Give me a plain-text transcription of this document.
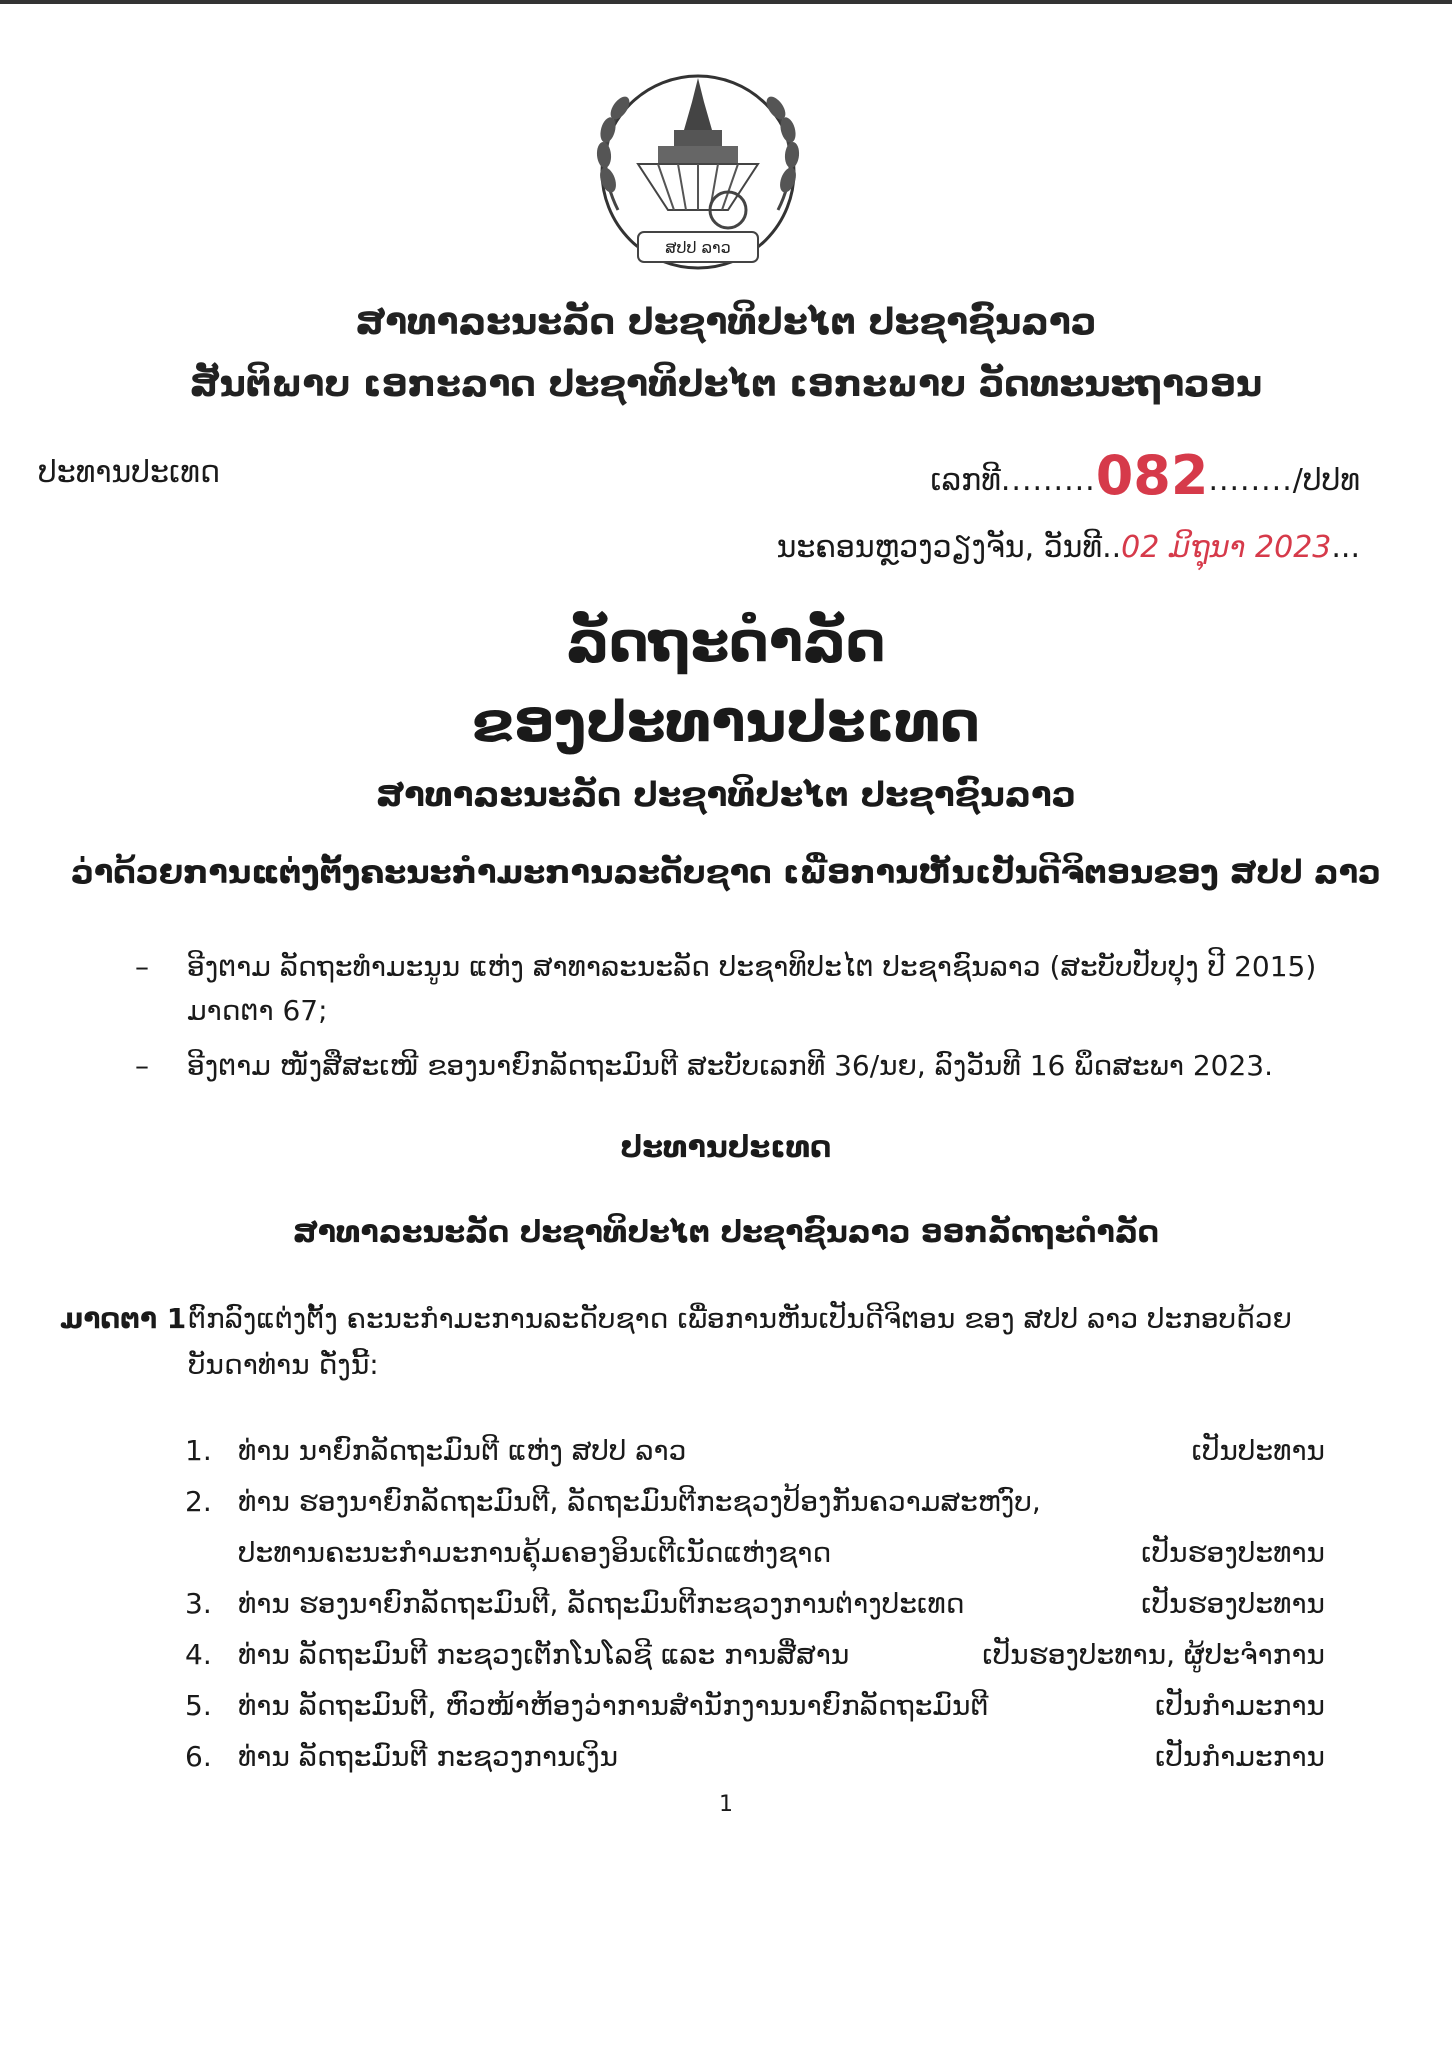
ສປປ ລາວ
ສາທາລະນະລັດ ປະຊາທິປະໄຕ ປະຊາຊົນລາວ
ສັນຕິພາບ ເອກະລາດ ປະຊາທິປະໄຕ ເອກະພາບ ວັດທະນະຖາວອນ
ປະທານປະເທດ	ເລກທີ.........082......../ປປທ
ນະຄອນຫຼວງວຽງຈັນ, ວັນທີ..02 ມິຖຸນາ 2023...
ລັດຖະດໍາລັດ
ຂອງປະທານປະເທດ
ສາທາລະນະລັດ ປະຊາທິປະໄຕ ປະຊາຊົນລາວ
ວ່າດ້ວຍການແຕ່ງຕັ້ງຄະນະກໍາມະການລະດັບຊາດ ເພື່ອການຫັນເປັນດີຈິຕອນຂອງ ສປປ ລາວ
– ອີງຕາມ ລັດຖະທໍາມະນູນ ແຫ່ງ ສາທາລະນະລັດ ປະຊາທິປະໄຕ ປະຊາຊົນລາວ (ສະບັບປັບປຸງ ປີ 2015) ມາດຕາ 67;
– ອີງຕາມ ໜັງສືສະເໜີ ຂອງນາຍົກລັດຖະມົນຕີ ສະບັບເລກທີ 36/ນຍ, ລົງວັນທີ 16 ພຶດສະພາ 2023.
ປະທານປະເທດ
ສາທາລະນະລັດ ປະຊາທິປະໄຕ ປະຊາຊົນລາວ ອອກລັດຖະດໍາລັດ
ມາດຕາ 1 ຕົກລົງແຕ່ງຕັ້ງ ຄະນະກໍາມະການລະດັບຊາດ ເພື່ອການຫັນເປັນດີຈິຕອນ ຂອງ ສປປ ລາວ ປະກອບດ້ວຍ ບັນດາທ່ານ ດັ່ງນີ້:
1. ທ່ານ ນາຍົກລັດຖະມົນຕີ ແຫ່ງ ສປປ ລາວ	ເປັນປະທານ
2. ທ່ານ ຮອງນາຍົກລັດຖະມົນຕີ, ລັດຖະມົນຕີກະຊວງປ້ອງກັນຄວາມສະຫງົບ,
ປະທານຄະນະກໍາມະການຄຸ້ມຄອງອິນເຕີເນັດແຫ່ງຊາດ	ເປັນຮອງປະທານ
3. ທ່ານ ຮອງນາຍົກລັດຖະມົນຕີ, ລັດຖະມົນຕີກະຊວງການຕ່າງປະເທດ	ເປັນຮອງປະທານ
4. ທ່ານ ລັດຖະມົນຕີ ກະຊວງເຕັກໂນໂລຊີ ແລະ ການສື່ສານ	ເປັນຮອງປະທານ, ຜູ້ປະຈໍາການ
5. ທ່ານ ລັດຖະມົນຕີ, ຫົວໜ້າຫ້ອງວ່າການສໍານັກງານນາຍົກລັດຖະມົນຕີ	ເປັນກໍາມະການ
6. ທ່ານ ລັດຖະມົນຕີ ກະຊວງການເງິນ	ເປັນກໍາມະການ
1
